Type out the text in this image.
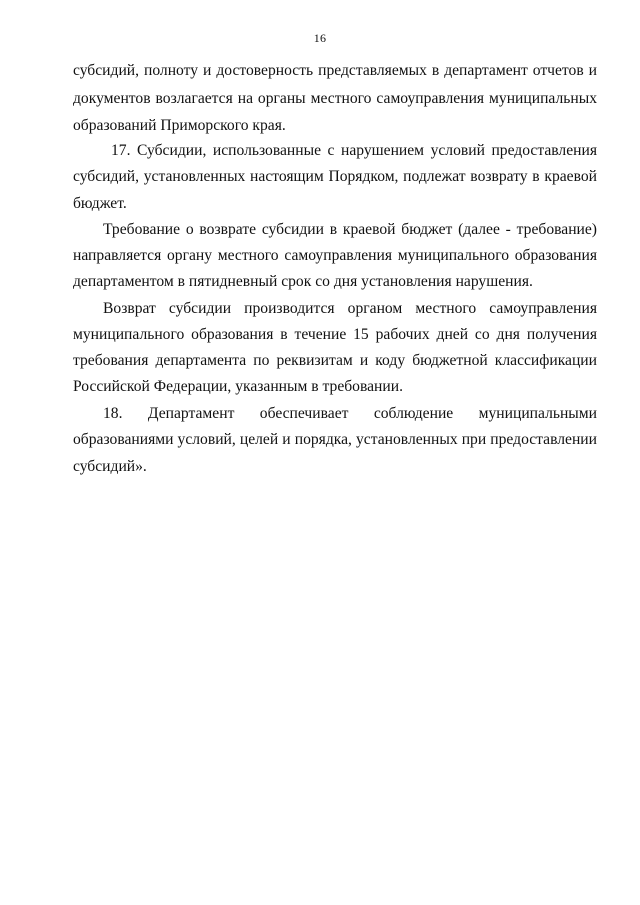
16
субсидий, полноту и достоверность представляемых в департамент отчетов и
документов возлагается на органы местного самоуправления муниципальных
образований Приморского края.
17. Субсидии, использованные с нарушением условий предоставления
субсидий, установленных настоящим Порядком, подлежат возврату в краевой
бюджет.
Требование о возврате субсидии в краевой бюджет (далее - требование)
направляется органу местного самоуправления муниципального образования
департаментом в пятидневный срок со дня установления нарушения.
Возврат субсидии производится органом местного самоуправления
муниципального образования в течение 15 рабочих дней со дня получения
требования департамента по реквизитам и коду бюджетной классификации
Российской Федерации, указанным в требовании.
18. Департамент обеспечивает соблюдение муниципальными
образованиями условий, целей и порядка, установленных при предоставлении
субсидий».
